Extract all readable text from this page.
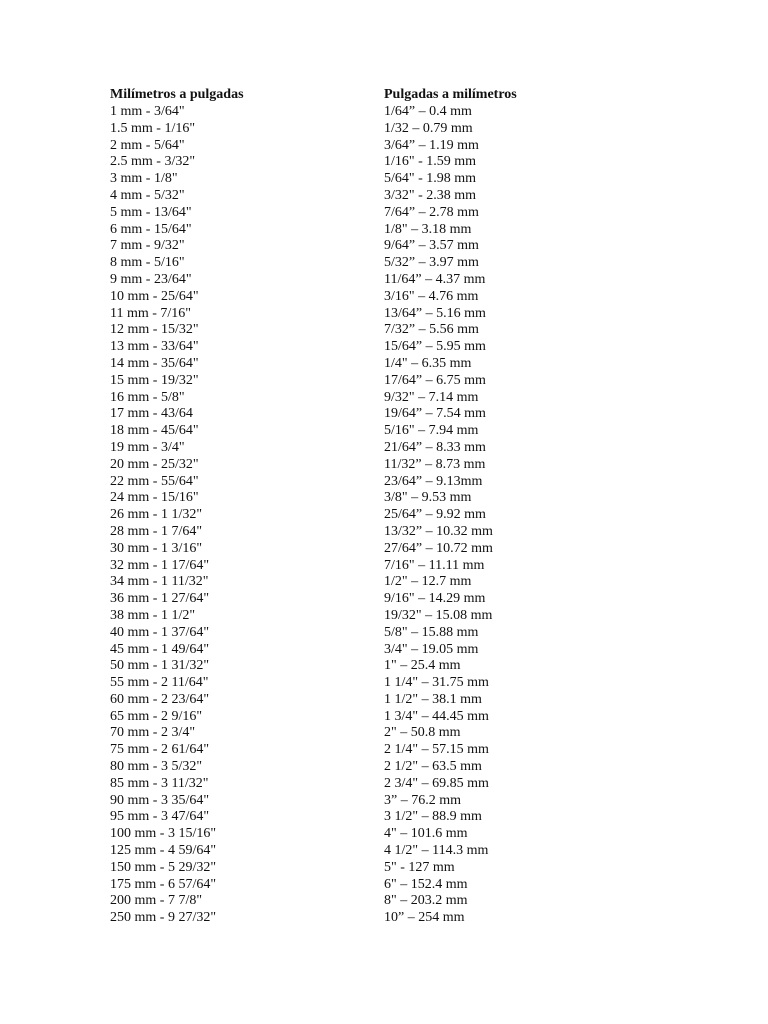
Milímetros a pulgadas
1 mm - 3/64"
1.5 mm - 1/16"
2 mm - 5/64"
2.5 mm - 3/32"
3 mm - 1/8"
4 mm - 5/32"
5 mm - 13/64"
6 mm - 15/64"
7 mm - 9/32"
8 mm - 5/16"
9 mm - 23/64"
10 mm - 25/64"
11 mm - 7/16"
12 mm - 15/32"
13 mm - 33/64"
14 mm - 35/64"
15 mm - 19/32"
16 mm - 5/8"
17 mm - 43/64
18 mm - 45/64"
19 mm - 3/4"
20 mm - 25/32"
22 mm - 55/64"
24 mm - 15/16"
26 mm - 1 1/32"
28 mm - 1 7/64"
30 mm - 1 3/16"
32 mm - 1 17/64"
34 mm - 1 11/32"
36 mm - 1 27/64"
38 mm - 1 1/2"
40 mm - 1 37/64"
45 mm - 1 49/64"
50 mm - 1 31/32"
55 mm - 2 11/64"
60 mm - 2 23/64"
65 mm - 2 9/16"
70 mm - 2 3/4"
75 mm - 2 61/64"
80 mm - 3 5/32"
85 mm - 3 11/32"
90 mm - 3 35/64"
95 mm - 3 47/64"
100 mm - 3 15/16"
125 mm - 4 59/64"
150 mm - 5 29/32"
175 mm - 6 57/64"
200 mm - 7 7/8"
250 mm - 9 27/32"
Pulgadas a milímetros
1/64” – 0.4 mm
1/32 – 0.79 mm
3/64” – 1.19 mm
1/16" - 1.59 mm
5/64" - 1.98 mm
3/32" - 2.38 mm
7/64” – 2.78 mm
1/8" – 3.18 mm
9/64” – 3.57 mm
5/32” – 3.97 mm
11/64” – 4.37 mm
3/16" – 4.76 mm
13/64” – 5.16 mm
7/32” – 5.56 mm
15/64” – 5.95 mm
1/4" – 6.35 mm
17/64” – 6.75 mm
9/32" – 7.14 mm
19/64” – 7.54 mm
5/16" – 7.94 mm
21/64” – 8.33 mm
11/32” – 8.73 mm
23/64” – 9.13mm
3/8" – 9.53 mm
25/64” – 9.92 mm
13/32” – 10.32 mm
27/64” – 10.72 mm
7/16" – 11.11 mm
1/2" – 12.7 mm
9/16" – 14.29 mm
19/32" – 15.08 mm
5/8" – 15.88 mm
3/4" – 19.05 mm
1" – 25.4 mm
1 1/4" – 31.75 mm
1 1/2" – 38.1 mm
1 3/4" – 44.45 mm
2" – 50.8 mm
2 1/4" – 57.15 mm
2 1/2" – 63.5 mm
2 3/4" – 69.85 mm
3” – 76.2 mm
3 1/2" – 88.9 mm
4" – 101.6 mm
4 1/2" – 114.3 mm
5" - 127 mm
6" – 152.4 mm
8" – 203.2 mm
10” – 254 mm
